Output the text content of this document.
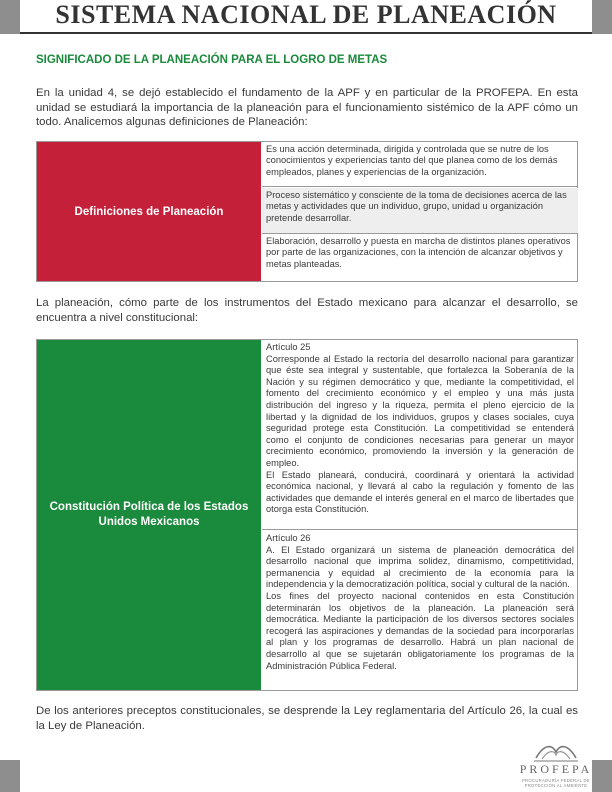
SISTEMA NACIONAL DE PLANEACIÓN
SIGNIFICADO DE LA PLANEACIÓN PARA EL LOGRO DE METAS

En la unidad 4, se dejó establecido el fundamento de la APF y en particular de la PROFEPA. En esta unidad se estudiará la importancia de la planeación para el funcionamiento sistémico de la APF cómo un todo. Analicemos algunas definiciones de Planeación:

Definiciones de Planeación
Es una acción determinada, dirigida y controlada que se nutre de los conocimientos y experiencias tanto del que planea como de los demás empleados, planes y experiencias de la organización.
Proceso sistemático y consciente de la toma de decisiones acerca de las metas y actividades que un individuo, grupo, unidad u organización pretende desarrollar.
Elaboración, desarrollo y puesta en marcha de distintos planes operativos por parte de las organizaciones, con la intención de alcanzar objetivos y metas planteadas.

La planeación, cómo parte de los instrumentos del Estado mexicano para alcanzar el desarrollo, se encuentra a nivel constitucional:

Constitución Política de los Estados Unidos Mexicanos
Artículo 25

Corresponde al Estado la rectoría del desarrollo nacional para garantizar que éste sea integral y sustentable, que fortalezca la Soberanía de la Nación y su régimen democrático y que, mediante la competitividad, el fomento del crecimiento económico y el empleo y una más justa distribución del ingreso y la riqueza, permita el pleno ejercicio de la libertad y la dignidad de los individuos, grupos y clases sociales, cuya seguridad protege esta Constitución. La competitividad se entenderá como el conjunto de condiciones necesarias para generar un mayor crecimiento económico, promoviendo la inversión y la generación de empleo.

El Estado planeará, conducirá, coordinará y orientará la actividad económica nacional, y llevará al cabo la regulación y fomento de las actividades que demande el interés general en el marco de libertades que otorga esta Constitución.

Artículo 26

A. El Estado organizará un sistema de planeación democrática del desarrollo nacional que imprima solidez, dinamismo, competitividad, permanencia y equidad al crecimiento de la economía para la independencia y la democratización política, social y cultural de la nación.

Los fines del proyecto nacional contenidos en esta Constitución determinarán los objetivos de la planeación. La planeación será democrática. Mediante la participación de los diversos sectores sociales recogerá las aspiraciones y demandas de la sociedad para incorporarlas al plan y los programas de desarrollo. Habrá un plan nacional de desarrollo al que se sujetarán obligatoriamente los programas de la Administración Pública Federal.

De los anteriores preceptos constitucionales, se desprende la Ley reglamentaria del Artículo 26, la cual es la Ley de Planeación.

PROFEPA
PROCURADURÍA FEDERAL DE PROTECCIÓN AL AMBIENTE
